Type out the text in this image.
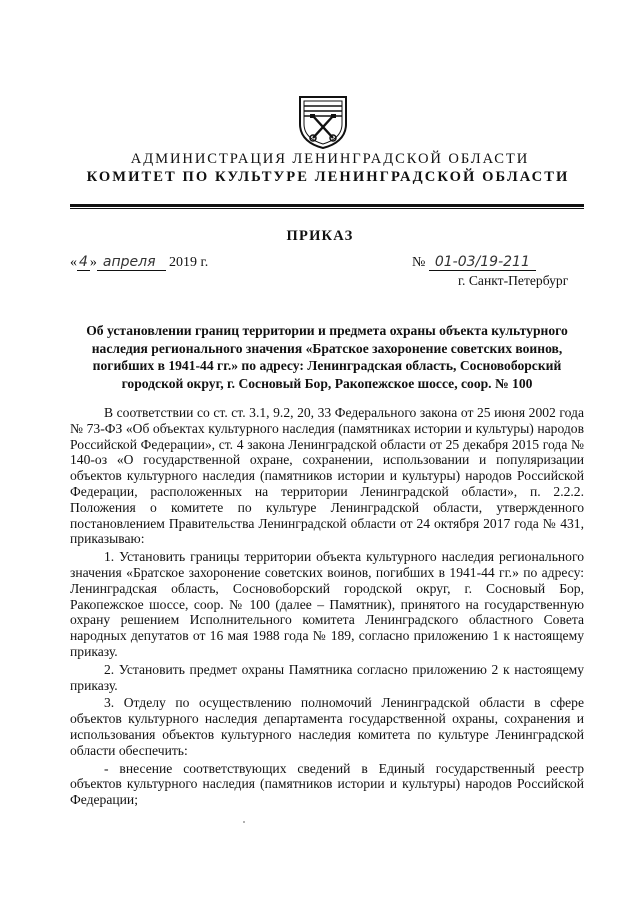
АДМИНИСТРАЦИЯ ЛЕНИНГРАДСКОЙ ОБЛАСТИ
КОМИТЕТ ПО КУЛЬТУРЕ ЛЕНИНГРАДСКОЙ ОБЛАСТИ
ПРИКАЗ
« 4 » апреля 2019 г.	№ 01-03/19-211
г. Санкт-Петербург
Об установлении границ территории и предмета охраны объекта культурного наследия регионального значения «Братское захоронение советских воинов, погибших в 1941-44 гг.» по адресу: Ленинградская область, Сосновоборский городской округ, г. Сосновый Бор, Ракопежское шоссе, соор. № 100

В соответствии со ст. ст. 3.1, 9.2, 20, 33 Федерального закона от 25 июня 2002 года № 73-ФЗ «Об объектах культурного наследия (памятниках истории и культуры) народов Российской Федерации», ст. 4 закона Ленинградской области от 25 декабря 2015 года № 140-оз «О государственной охране, сохранении, использовании и популяризации объектов культурного наследия (памятников истории и культуры) народов Российской Федерации, расположенных на территории Ленинградской области», п. 2.2.2. Положения о комитете по культуре Ленинградской области, утвержденного постановлением Правительства Ленинградской области от 24 октября 2017 года № 431, приказываю:

1. Установить границы территории объекта культурного наследия регионального значения «Братское захоронение советских воинов, погибших в 1941-44 гг.» по адресу: Ленинградская область, Сосновоборский городской округ, г. Сосновый Бор, Ракопежское шоссе, соор. № 100 (далее – Памятник), принятого на государственную охрану решением Исполнительного комитета Ленинградского областного Совета народных депутатов от 16 мая 1988 года № 189, согласно приложению 1 к настоящему приказу.

2. Установить предмет охраны Памятника согласно приложению 2 к настоящему приказу.

3. Отделу по осуществлению полномочий Ленинградской области в сфере объектов культурного наследия департамента государственной охраны, сохранения и использования объектов культурного наследия комитета по культуре Ленинградской области обеспечить:

- внесение соответствующих сведений в Единый государственный реестр объектов культурного наследия (памятников истории и культуры) народов Российской Федерации;
